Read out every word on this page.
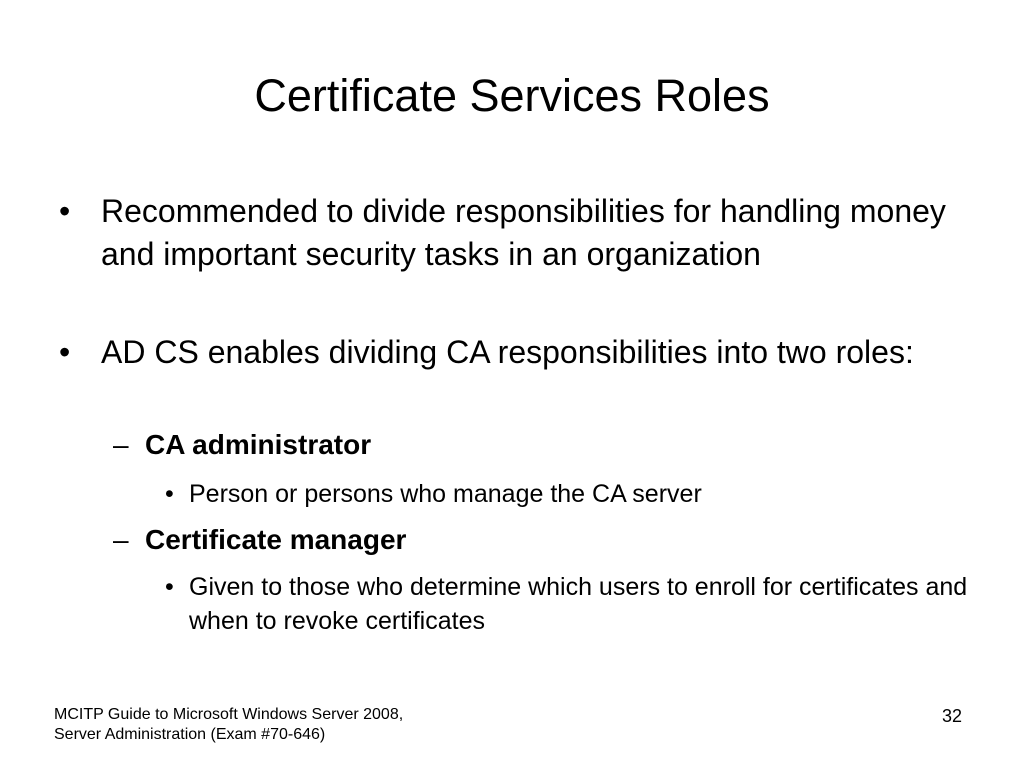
Certificate Services Roles
• Recommended to divide responsibilities for handling money and important security tasks in an organization
• AD CS enables dividing CA responsibilities into two roles:
– CA administrator
• Person or persons who manage the CA server
– Certificate manager
• Given to those who determine which users to enroll for certificates and when to revoke certificates
MCITP Guide to Microsoft Windows Server 2008,
Server Administration (Exam #70-646)
32
